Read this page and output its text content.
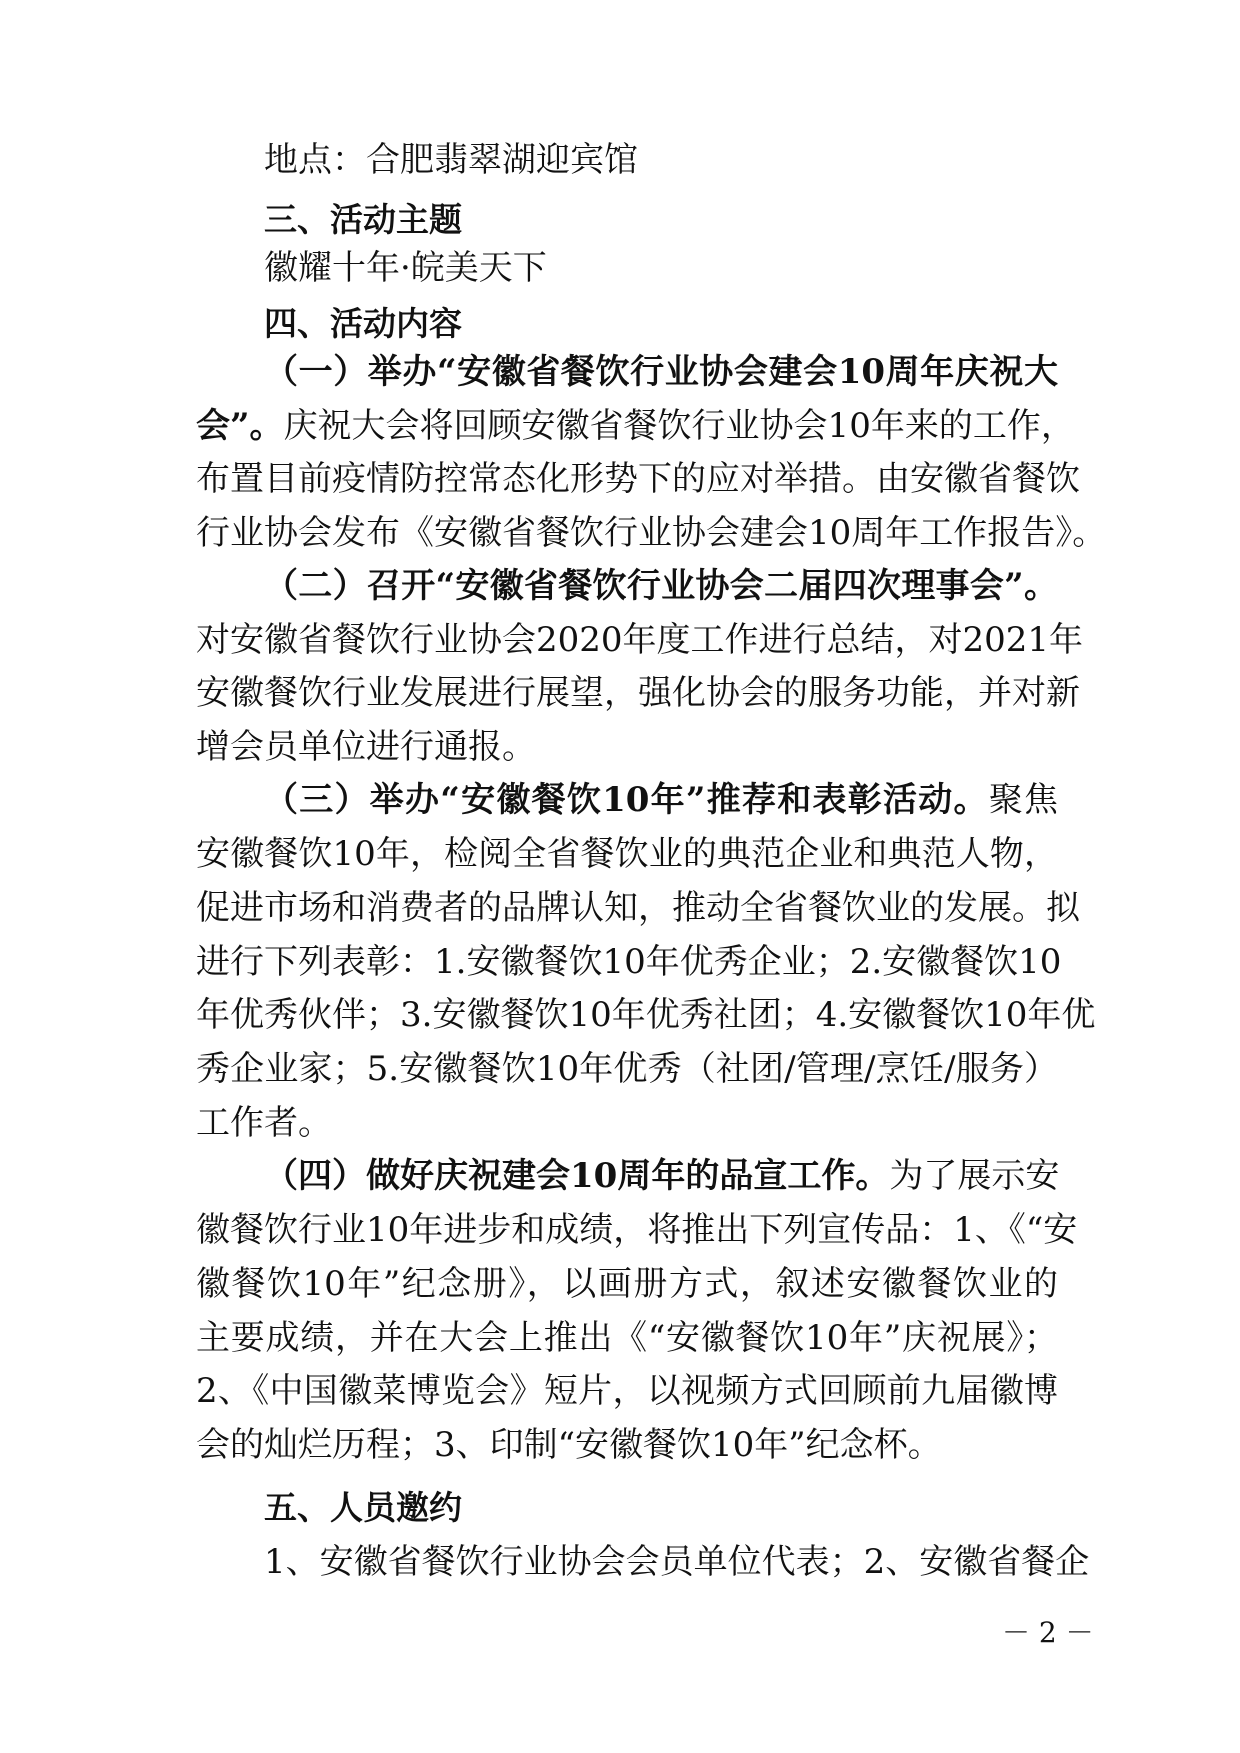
地点：合肥翡翠湖迎宾馆
三、活动主题
徽耀十年·皖美天下
四、活动内容
（一）举办“安徽省餐饮行业协会建会10周年庆祝大
会”。庆祝大会将回顾安徽省餐饮行业协会10年来的工作，
布置目前疫情防控常态化形势下的应对举措。由安徽省餐饮
行业协会发布《安徽省餐饮行业协会建会10周年工作报告》。
（二）召开“安徽省餐饮行业协会二届四次理事会”。
对安徽省餐饮行业协会2020年度工作进行总结，对2021年
安徽餐饮行业发展进行展望，强化协会的服务功能，并对新
增会员单位进行通报。
（三）举办“安徽餐饮10年”推荐和表彰活动。聚焦
安徽餐饮10年，检阅全省餐饮业的典范企业和典范人物，
促进市场和消费者的品牌认知，推动全省餐饮业的发展。拟
进行下列表彰：1.安徽餐饮10年优秀企业；2.安徽餐饮10
年优秀伙伴；3.安徽餐饮10年优秀社团；4.安徽餐饮10年优
秀企业家；5.安徽餐饮10年优秀（社团/管理/烹饪/服务）
工作者。
（四）做好庆祝建会10周年的品宣工作。为了展示安
徽餐饮行业10年进步和成绩，将推出下列宣传品：1、《“安
徽餐饮10年”纪念册》，以画册方式，叙述安徽餐饮业的
主要成绩，并在大会上推出《“安徽餐饮10年”庆祝展》；
2、《中国徽菜博览会》短片，以视频方式回顾前九届徽博
会的灿烂历程；3、印制“安徽餐饮10年”纪念杯。
五、人员邀约
1、安徽省餐饮行业协会会员单位代表；2、安徽省餐企
－ 2 －
